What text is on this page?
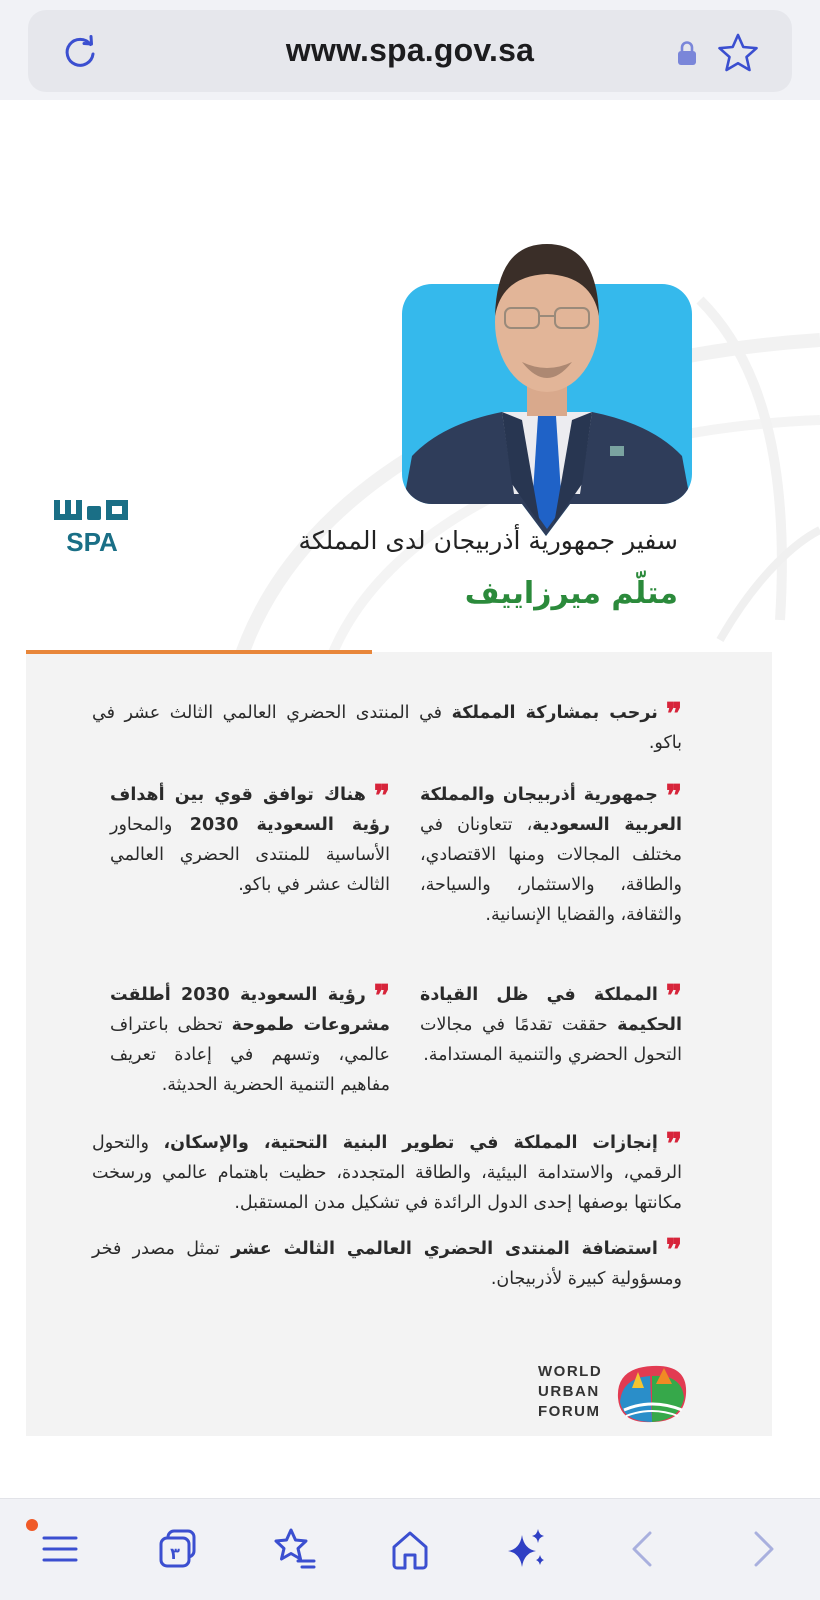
www.spa.gov.sa
SPA	سفير جمهورية أذربيجان لدى المملكة
متلّم ميرزاييف
❞نرحب بمشاركة المملكة في المنتدى الحضري العالمي الثالث عشر في باكو.
❞جمهورية أذربيجان والمملكة العربية السعودية، تتعاونان في مختلف المجالات ومنها الاقتصادي، والطاقة، والاستثمار، والسياحة، والثقافة، والقضايا الإنسانية.
❞هناك توافق قوي بين أهداف رؤية السعودية 2030 والمحاور الأساسية للمنتدى الحضري العالمي الثالث عشر في باكو.
❞المملكة في ظل القيادة الحكيمة حققت تقدمًا في مجالات التحول الحضري والتنمية المستدامة.
❞رؤية السعودية 2030 أطلقت مشروعات طموحة تحظى باعتراف عالمي، وتسهم في إعادة تعريف مفاهيم التنمية الحضرية الحديثة.
❞إنجازات المملكة في تطوير البنية التحتية، والإسكان، والتحول الرقمي، والاستدامة البيئية، والطاقة المتجددة، حظيت باهتمام عالمي ورسخت مكانتها بوصفها إحدى الدول الرائدة في تشكيل مدن المستقبل.
❞استضافة المنتدى الحضري العالمي الثالث عشر تمثل مصدر فخر ومسؤولية كبيرة لأذربيجان.
WORLD
URBAN
FORUM
٣
